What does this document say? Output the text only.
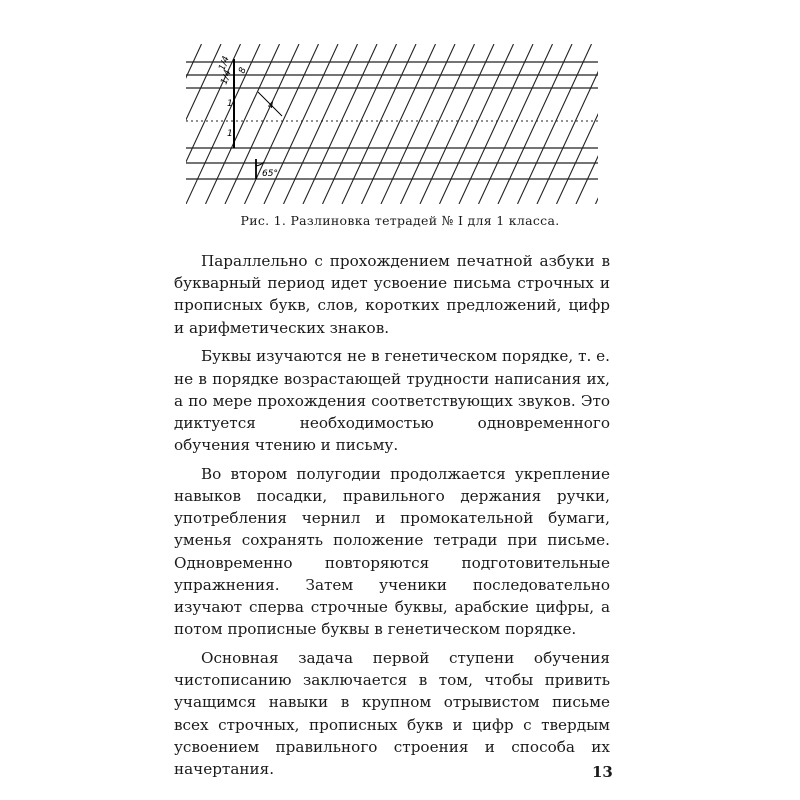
1/4
1/4 8
1
1
4
65°
Рис. 1. Разлиновка тетрадей № I для 1 класса.

Параллельно с прохождением печатной азбуки в букварный период идет усвоение письма строчных и прописных букв, слов, коротких предложений, цифр и арифметических знаков.

Буквы изучаются не в генетическом порядке, т. е. не в порядке возрастающей трудности написания их, а по мере прохождения соответствующих звуков. Это диктуется необходимостью одновременного обучения чтению и письму.

Во втором полугодии продолжается укрепление навыков посадки, правильного держания ручки, употребления чернил и промокательной бумаги, уменья сохранять положение тетради при письме. Одновременно повторяются подготовительные упражнения. Затем ученики последовательно изучают сперва строчные буквы, арабские цифры, а потом прописные буквы в генетическом порядке.

Основная задача первой ступени обучения чистописанию заключается в том, чтобы привить учащимся навыки в крупном отрывистом письме всех строчных, прописных букв и цифр с твердым усвоением правильного строения и способа их начертания.	13
